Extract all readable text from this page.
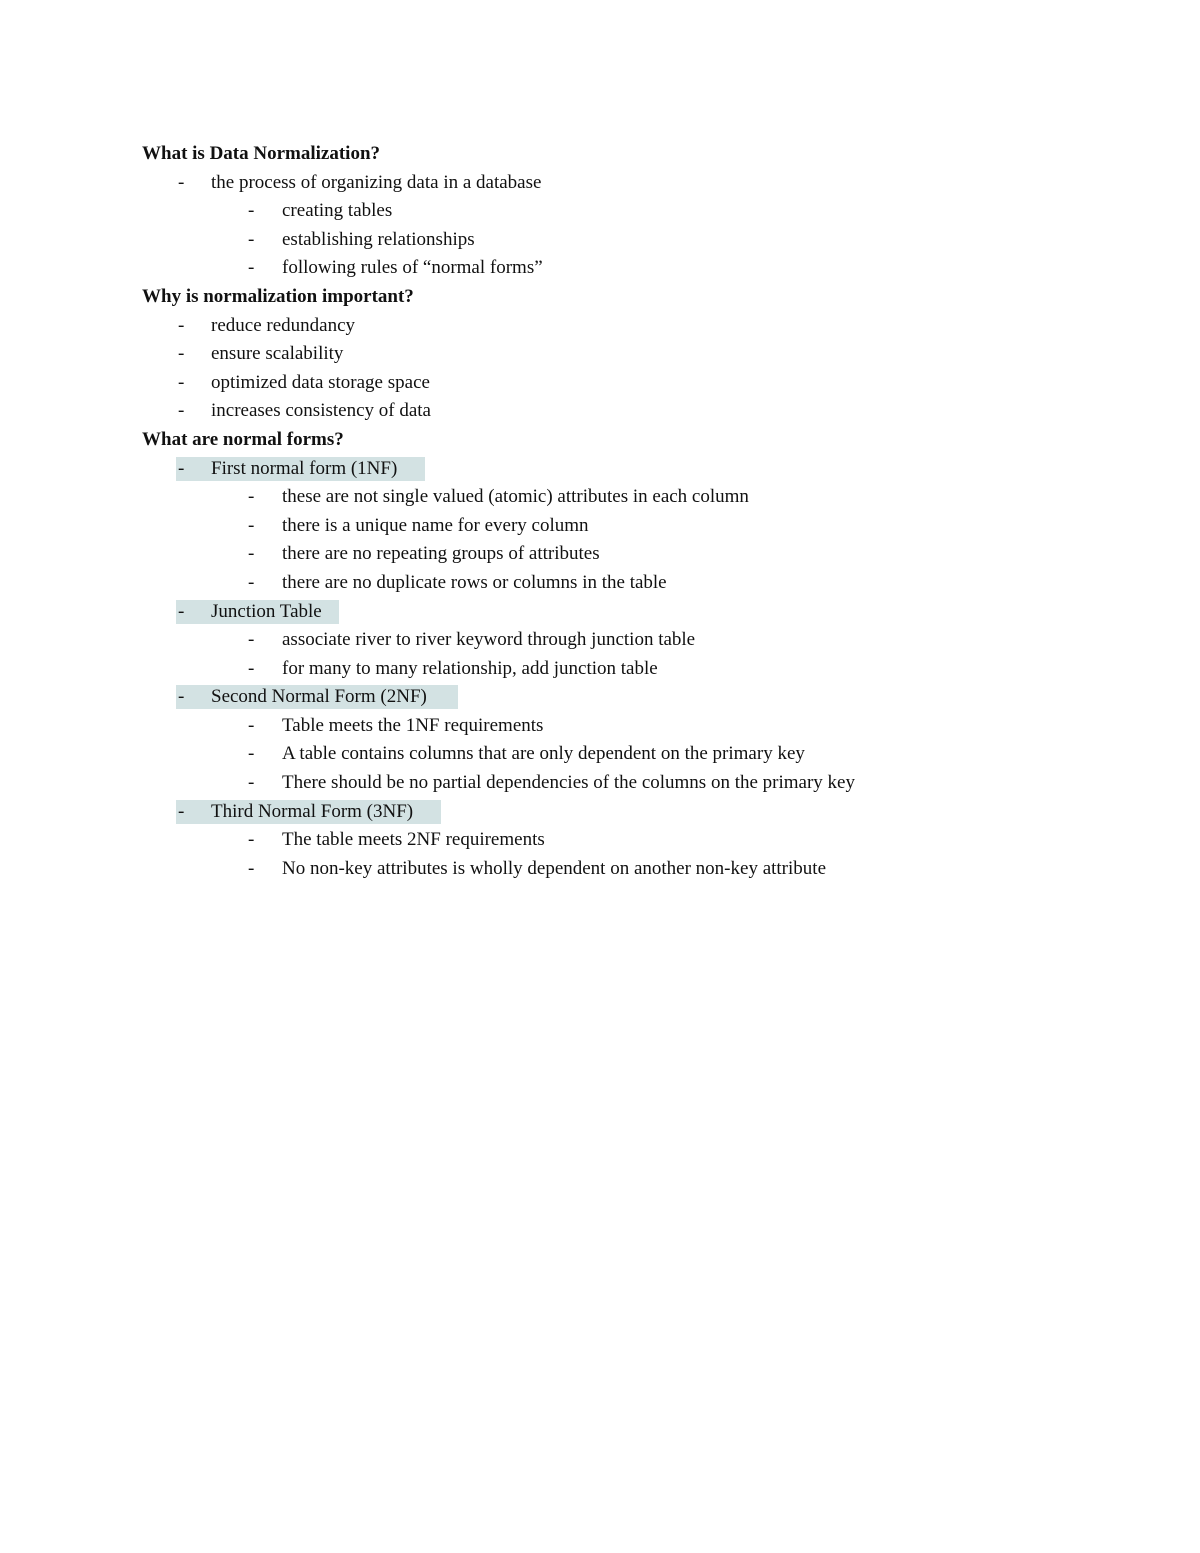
What is Data Normalization?
- the process of organizing data in a database
- creating tables
- establishing relationships
- following rules of “normal forms”
Why is normalization important?
- reduce redundancy
- ensure scalability
- optimized data storage space
- increases consistency of data
What are normal forms?
- First normal form (1NF)
- these are not single valued (atomic) attributes in each column
- there is a unique name for every column
- there are no repeating groups of attributes
- there are no duplicate rows or columns in the table
- Junction Table
- associate river to river keyword through junction table
- for many to many relationship, add junction table
- Second Normal Form (2NF)
- Table meets the 1NF requirements
- A table contains columns that are only dependent on the primary key
- There should be no partial dependencies of the columns on the primary key
- Third Normal Form (3NF)
- The table meets 2NF requirements
- No non-key attributes is wholly dependent on another non-key attribute
